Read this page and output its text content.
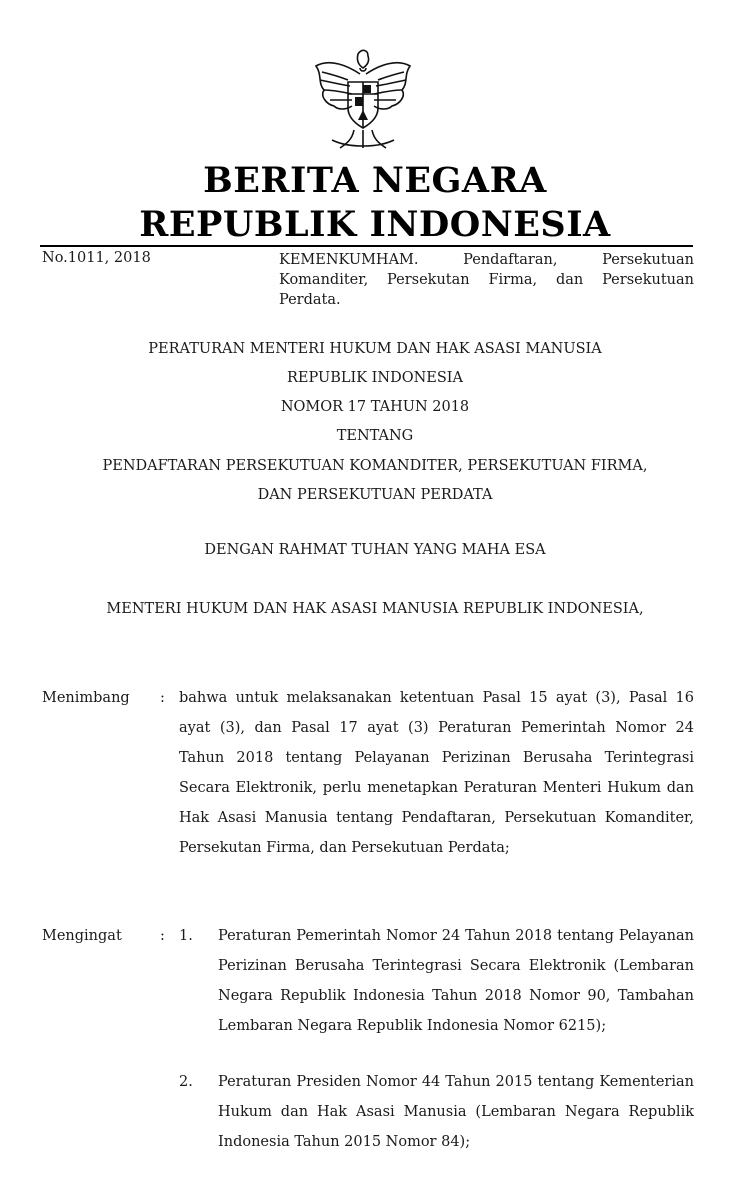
BERITA NEGARA
REPUBLIK INDONESIA
No.1011, 2018	KEMENKUMHAM. Pendaftaran, Persekutuan Komanditer, Persekutan Firma, dan Persekutuan Perdata.
PERATURAN MENTERI HUKUM DAN HAK ASASI MANUSIA
REPUBLIK INDONESIA
NOMOR 17 TAHUN 2018
TENTANG
PENDAFTARAN PERSEKUTUAN KOMANDITER, PERSEKUTUAN FIRMA,
DAN PERSEKUTUAN PERDATA
DENGAN RAHMAT TUHAN YANG MAHA ESA
MENTERI HUKUM DAN HAK ASASI MANUSIA REPUBLIK INDONESIA,
Menimbang : bahwa untuk melaksanakan ketentuan Pasal 15 ayat (3), Pasal 16 ayat (3), dan Pasal 17 ayat (3) Peraturan Pemerintah Nomor 24 Tahun 2018 tentang Pelayanan Perizinan Berusaha Terintegrasi Secara Elektronik, perlu menetapkan Peraturan Menteri Hukum dan Hak Asasi Manusia tentang Pendaftaran, Persekutuan Komanditer, Persekutan Firma, dan Persekutuan Perdata;
Mengingat	: 1. Peraturan Pemerintah Nomor 24 Tahun 2018 tentang Pelayanan Perizinan Berusaha Terintegrasi Secara Elektronik (Lembaran Negara Republik Indonesia Tahun 2018 Nomor 90, Tambahan Lembaran Negara Republik Indonesia Nomor 6215);
2. Peraturan Presiden Nomor 44 Tahun 2015 tentang Kementerian Hukum dan Hak Asasi Manusia (Lembaran Negara Republik Indonesia Tahun 2015 Nomor 84);
